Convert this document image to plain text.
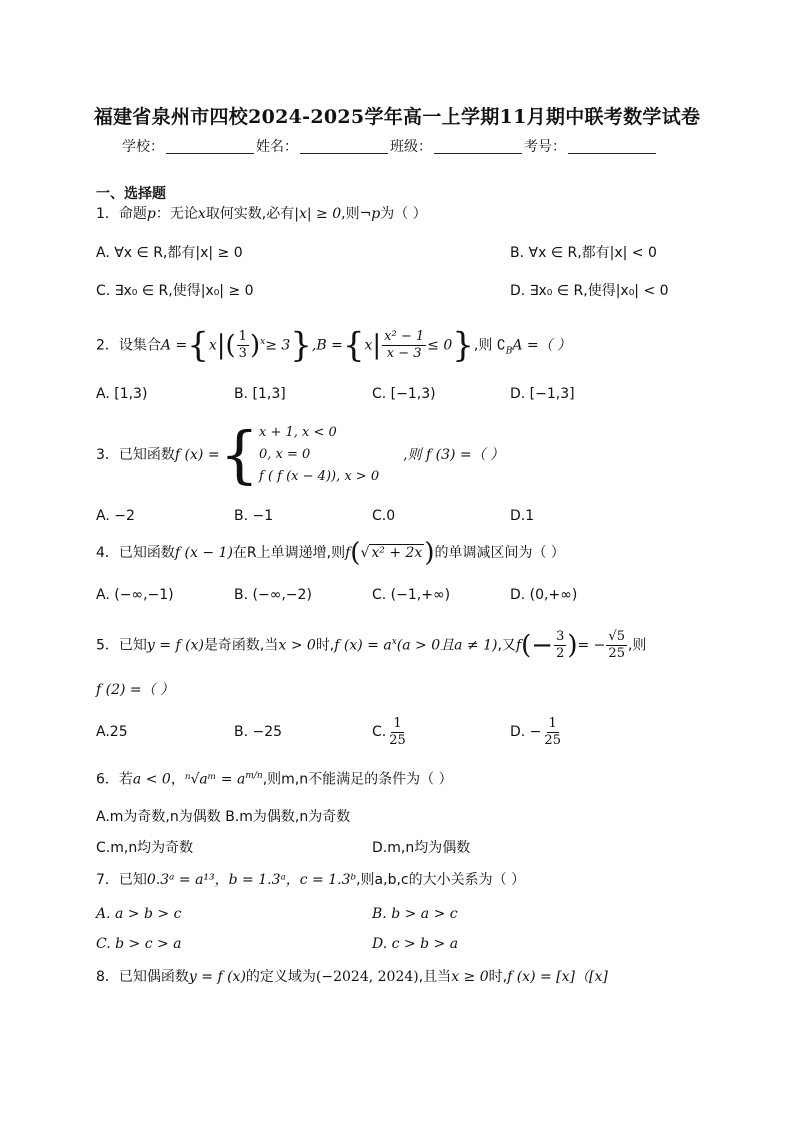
福建省泉州市四校2024-2025学年高一上学期11月期中联考数学试卷
学校：	姓名：	班级：	考号：
一、选择题
1．命题p：无论x取何实数,必有|x| ≥ 0,则¬p为（ ）
A. ∀x ∈ R,都有|x| ≥ 0	B. ∀x ∈ R,都有|x| < 0
C. ∃x₀ ∈ R,使得|x₀| ≥ 0	D. ∃x₀ ∈ R,使得|x₀| < 0
2．设集合$A =\{x|( \frac{1}{3} )^x\ge 3\},B =\{x| \frac{\text{x² − 1}}{x - 3} \le 0\}$,则 $∁_BA$ =（ ）
A. [1,3)	B. [1,3]	C. [−1,3)	D. [−1,3]
3．已知函数f (x) ={ x + 1, x < 0
0, x = 0
f ( f (x − 4)), x > 0
,则 f (3) =（ ）
A. −2	B. −1	C.0	D.1
4．已知函数f (x − 1)在R上单调递增,则f(√ x² + 2x)的单调减区间为（ ）
A. (−∞,−1)	B. (−∞,−2)	C. (−1,+∞)	D. (0,+∞)
5．已知y = f (x)是奇函数,当x > 0时,f $(x) = a^x(a > 0$且a ≠ 1),又$f(- \frac{3}{2}$ )= − $\frac{√5}{25}$ ,则
f (2) =（ ）
A.25	B. −25	C. $\frac{1}{25}$	D. − $\frac{1}{25}$
6．若a < 0，ⁿ√aᵐ = $a^{m/n}$,则m,n不能满足的条件为（ ）
A.m为奇数,n为偶数 B.m为偶数,n为奇数
C.m,n均为奇数	D.m,n均为偶数
7．已知0.3ᵃ = a¹³，b = 1.3ᵃ，c = 1.3ᵇ,则a,b,c的大小关系为（ ）
A. a > b > c	B. b > a > c
C. b > c > a	D. c > b > a
8．已知偶函数y = f (x)的定义域为(−2024, 2024),且当x ≥ 0时,f (x) = [x]（[x]
